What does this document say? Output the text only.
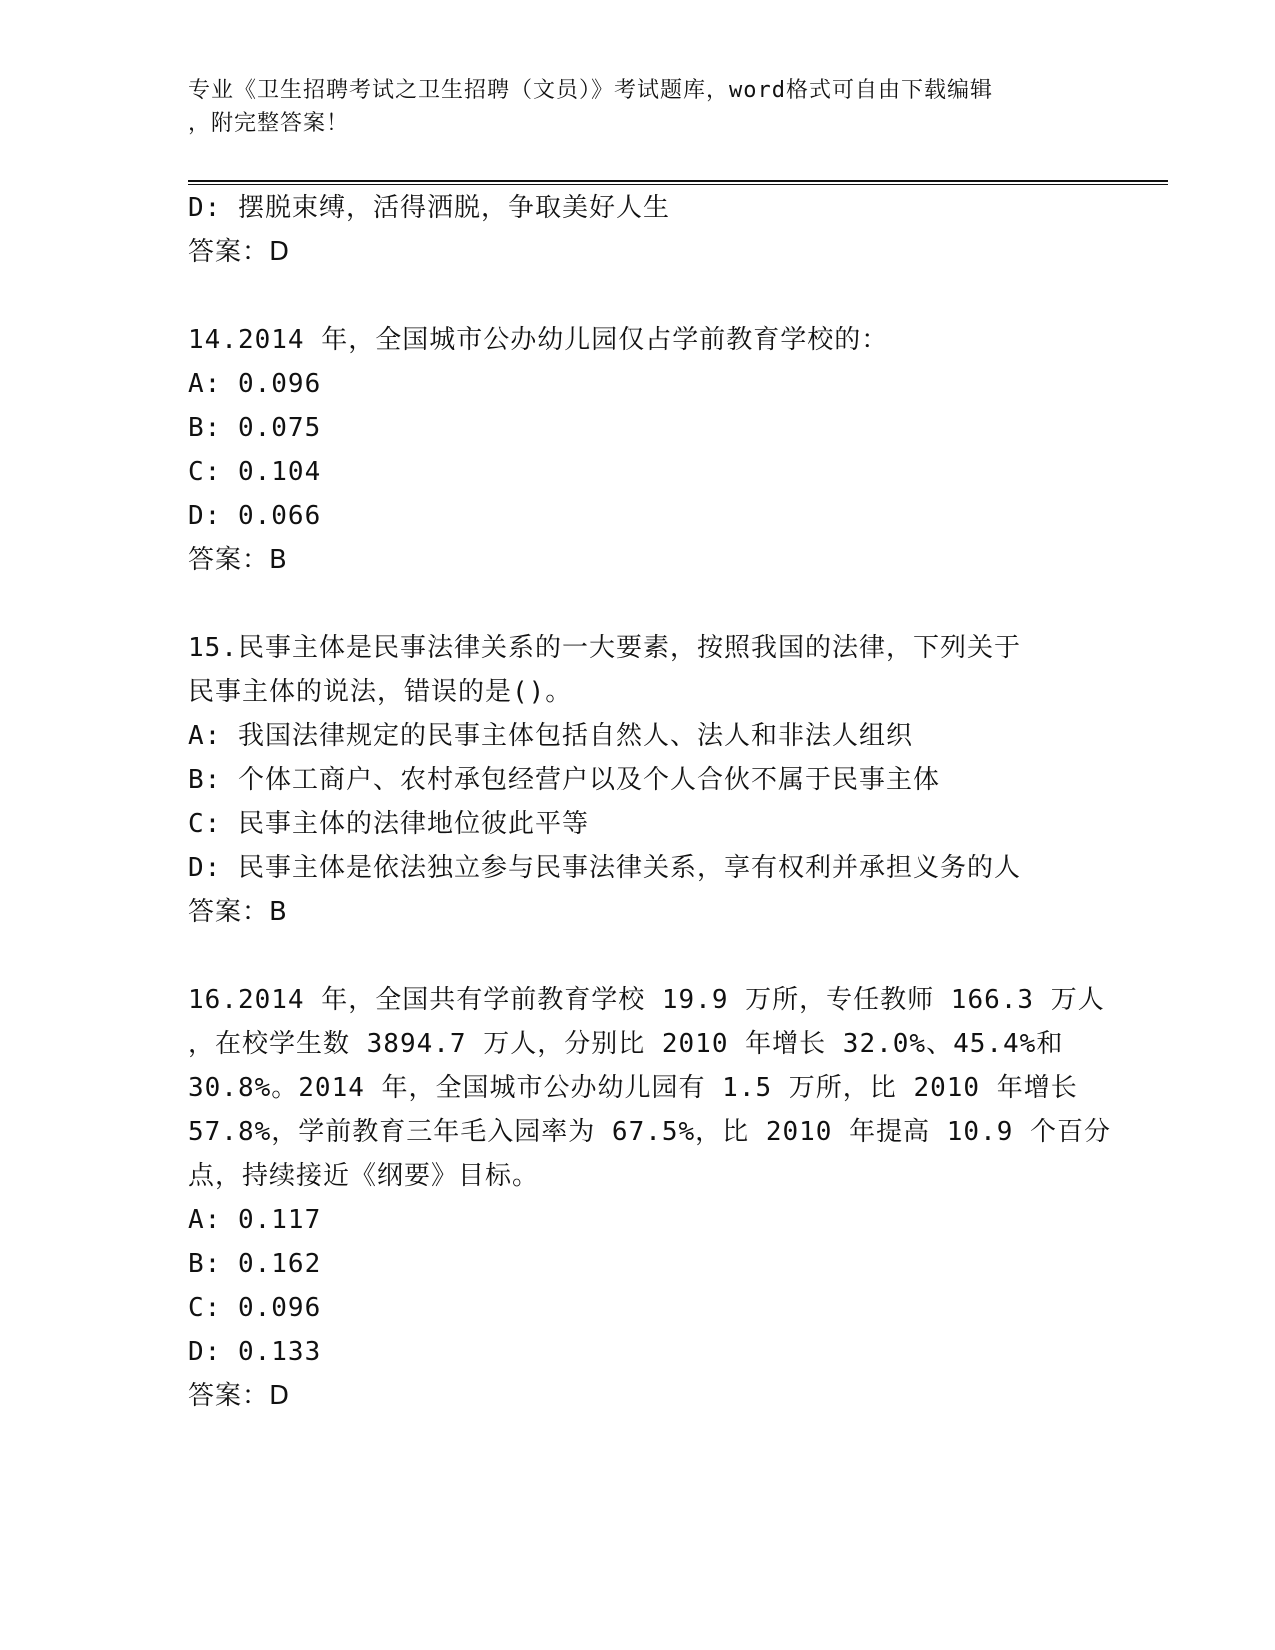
专业《卫生招聘考试之卫生招聘（文员）》考试题库，word格式可自由下载编辑
，附完整答案！
D: 摆脱束缚，活得洒脱，争取美好人生
答案：D
14.2014 年，全国城市公办幼儿园仅占学前教育学校的：
A: 0.096
B: 0.075
C: 0.104
D: 0.066
答案：B
15.民事主体是民事法律关系的一大要素，按照我国的法律，下列关于
民事主体的说法，错误的是()。
A: 我国法律规定的民事主体包括自然人、法人和非法人组织
B: 个体工商户、农村承包经营户以及个人合伙不属于民事主体
C: 民事主体的法律地位彼此平等
D: 民事主体是依法独立参与民事法律关系，享有权利并承担义务的人
答案：B
16.2014 年，全国共有学前教育学校 19.9 万所，专任教师 166.3 万人
，在校学生数 3894.7 万人，分别比 2010 年增长 32.0%、45.4%和
30.8%。2014 年，全国城市公办幼儿园有 1.5 万所，比 2010 年增长
57.8%，学前教育三年毛入园率为 67.5%，比 2010 年提高 10.9 个百分
点，持续接近《纲要》目标。
A: 0.117
B: 0.162
C: 0.096
D: 0.133
答案：D
